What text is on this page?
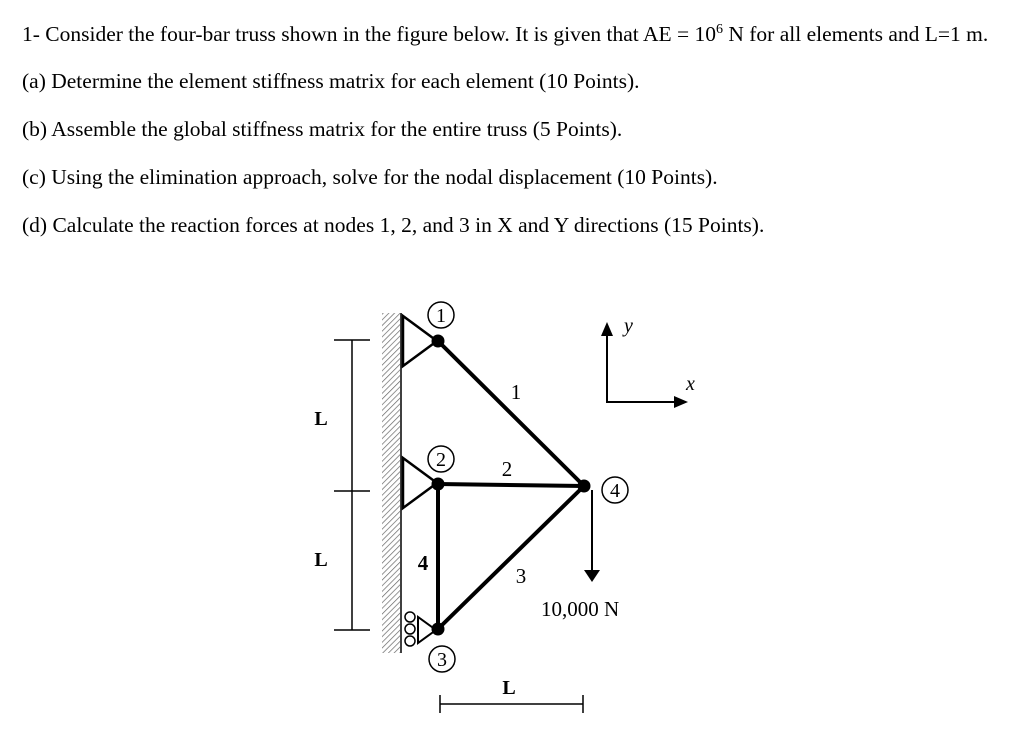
1- Consider the four-bar truss shown in the figure below. It is given that AE = $10^6$ N for all elements and L=1 m.

(a) Determine the element stiffness matrix for each element (10 Points).

(b) Assemble the global stiffness matrix for the entire truss (5 Points).

(c) Using the elimination approach, solve for the nodal displacement (10 Points).

(d) Calculate the reaction forces at nodes 1, 2, and 3 in X and Y directions (15 Points).

1
2
3
4
1
2
3
4
L
L
L
10,000 N
y
x
